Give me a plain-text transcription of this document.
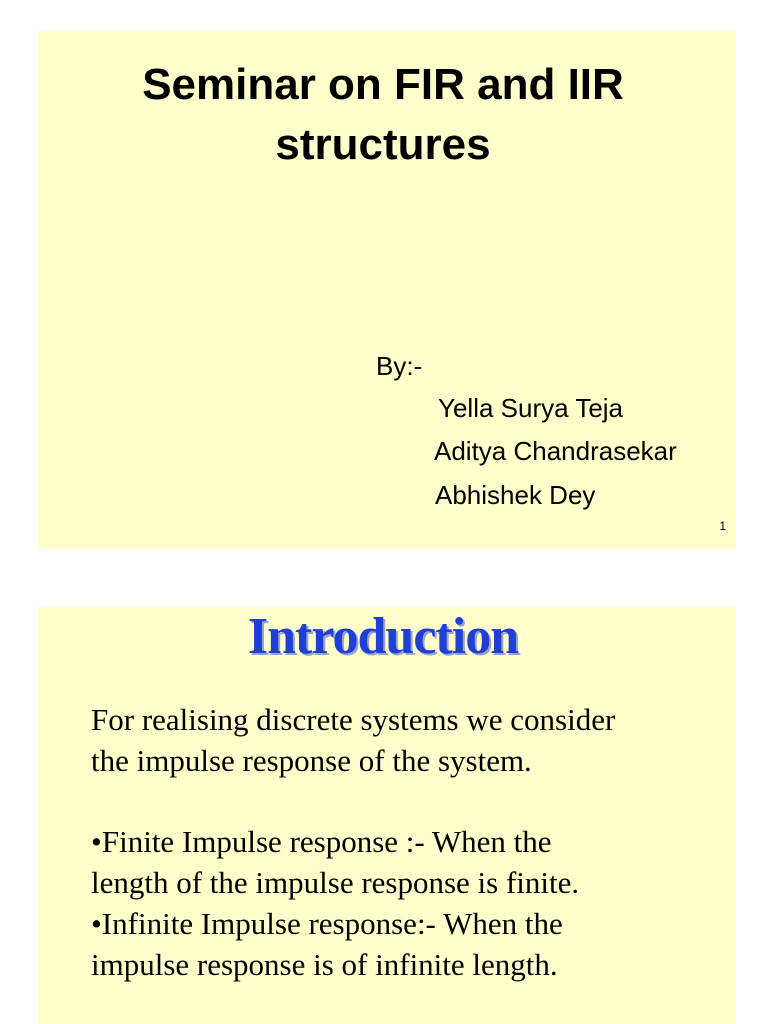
Seminar on FIR and IIR
structures
By:-
Yella Surya Teja
Aditya Chandrasekar
Abhishek Dey
1
Introduction

For realising discrete systems we consider
the impulse response of the system.

•Finite Impulse response :- When the
length of the impulse response is finite.

•Infinite Impulse response:- When the
impulse response is of infinite length.
